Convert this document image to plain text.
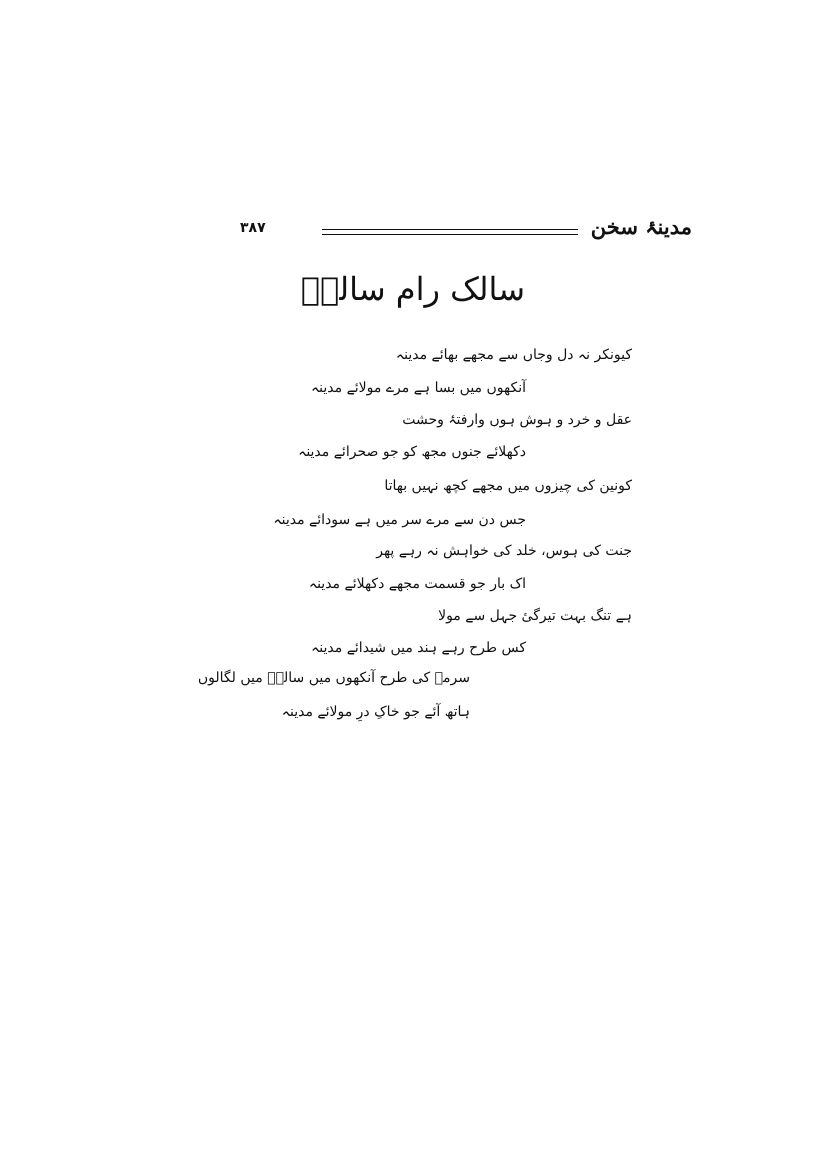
مدینۂ سخن
۳۸۷
سالک رام سالکؔ
کیونکر نہ دل وجاں سے مجھے بھائے مدینہ
آنکھوں میں بسا ہے مرے مولائے مدینہ
عقل و خرد و ہوش ہوں وارفتۂ وحشت
دکھلائے جنوں مجھ کو جو صحرائے مدینہ
کونین کی چیزوں میں مجھے کچھ نہیں بھاتا
جس دن سے مرے سر میں ہے سودائے مدینہ
جنت کی ہوس، خلد کی خواہش نہ رہے پھر
اک بار جو قسمت مجھے دکھلائے مدینہ
ہے تنگ بہت تیرگیٔ جہل سے مولا
کس طرح رہے ہند میں شیدائے مدینہ
سرمے کی طرح آنکھوں میں سالکؔ میں لگالوں
ہاتھ آئے جو خاکِ درِ مولائے مدینہ
